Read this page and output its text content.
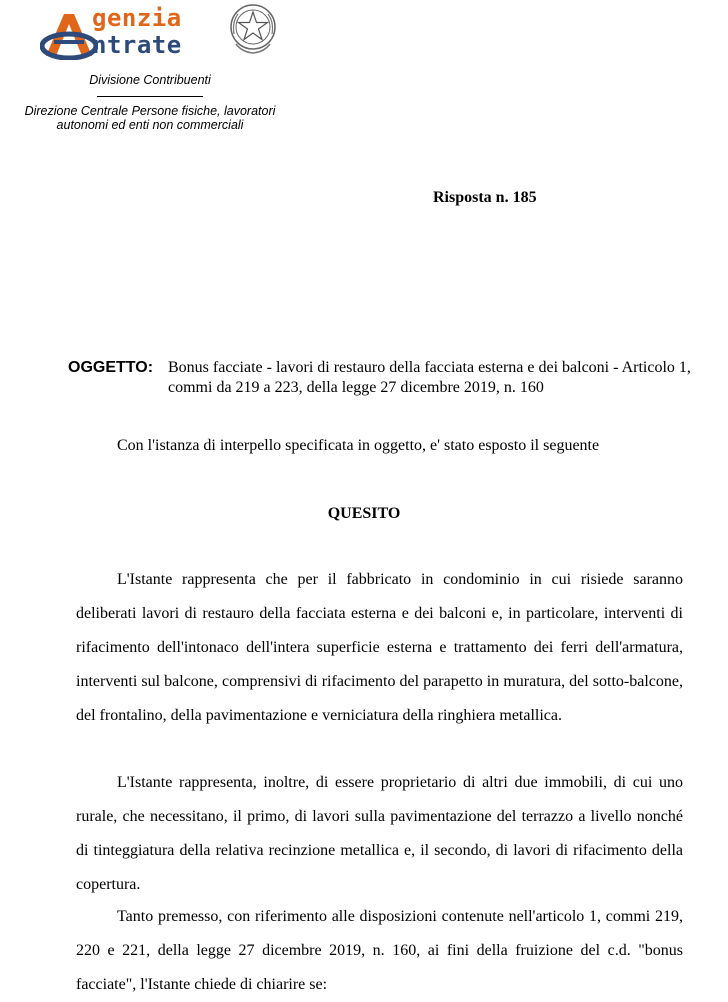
genzia
ntrate
Divisione Contribuenti
Direzione Centrale Persone fisiche, lavoratori
autonomi ed enti non commerciali
Risposta n. 185
OGGETTO: Bonus facciate - lavori di restauro della facciata esterna e dei balconi - Articolo 1, commi da 219 a 223, della legge 27 dicembre 2019, n. 160
Con l'istanza di interpello specificata in oggetto, e' stato esposto il seguente
QUESITO

L'Istante rappresenta che per il fabbricato in condominio in cui risiede saranno deliberati lavori di restauro della facciata esterna e dei balconi e, in particolare, interventi di rifacimento dell'intonaco dell'intera superficie esterna e trattamento dei ferri dell'armatura, interventi sul balcone, comprensivi di rifacimento del parapetto in muratura, del sotto-balcone, del frontalino, della pavimentazione e verniciatura della ringhiera metallica.

L'Istante rappresenta, inoltre, di essere proprietario di altri due immobili, di cui uno rurale, che necessitano, il primo, di lavori sulla pavimentazione del terrazzo a livello nonché di tinteggiatura della relativa recinzione metallica e, il secondo, di lavori di rifacimento della copertura.

Tanto premesso, con riferimento alle disposizioni contenute nell'articolo 1, commi 219, 220 e 221, della legge 27 dicembre 2019, n. 160, ai fini della fruizione del c.d. "bonus facciate", l'Istante chiede di chiarire se:
